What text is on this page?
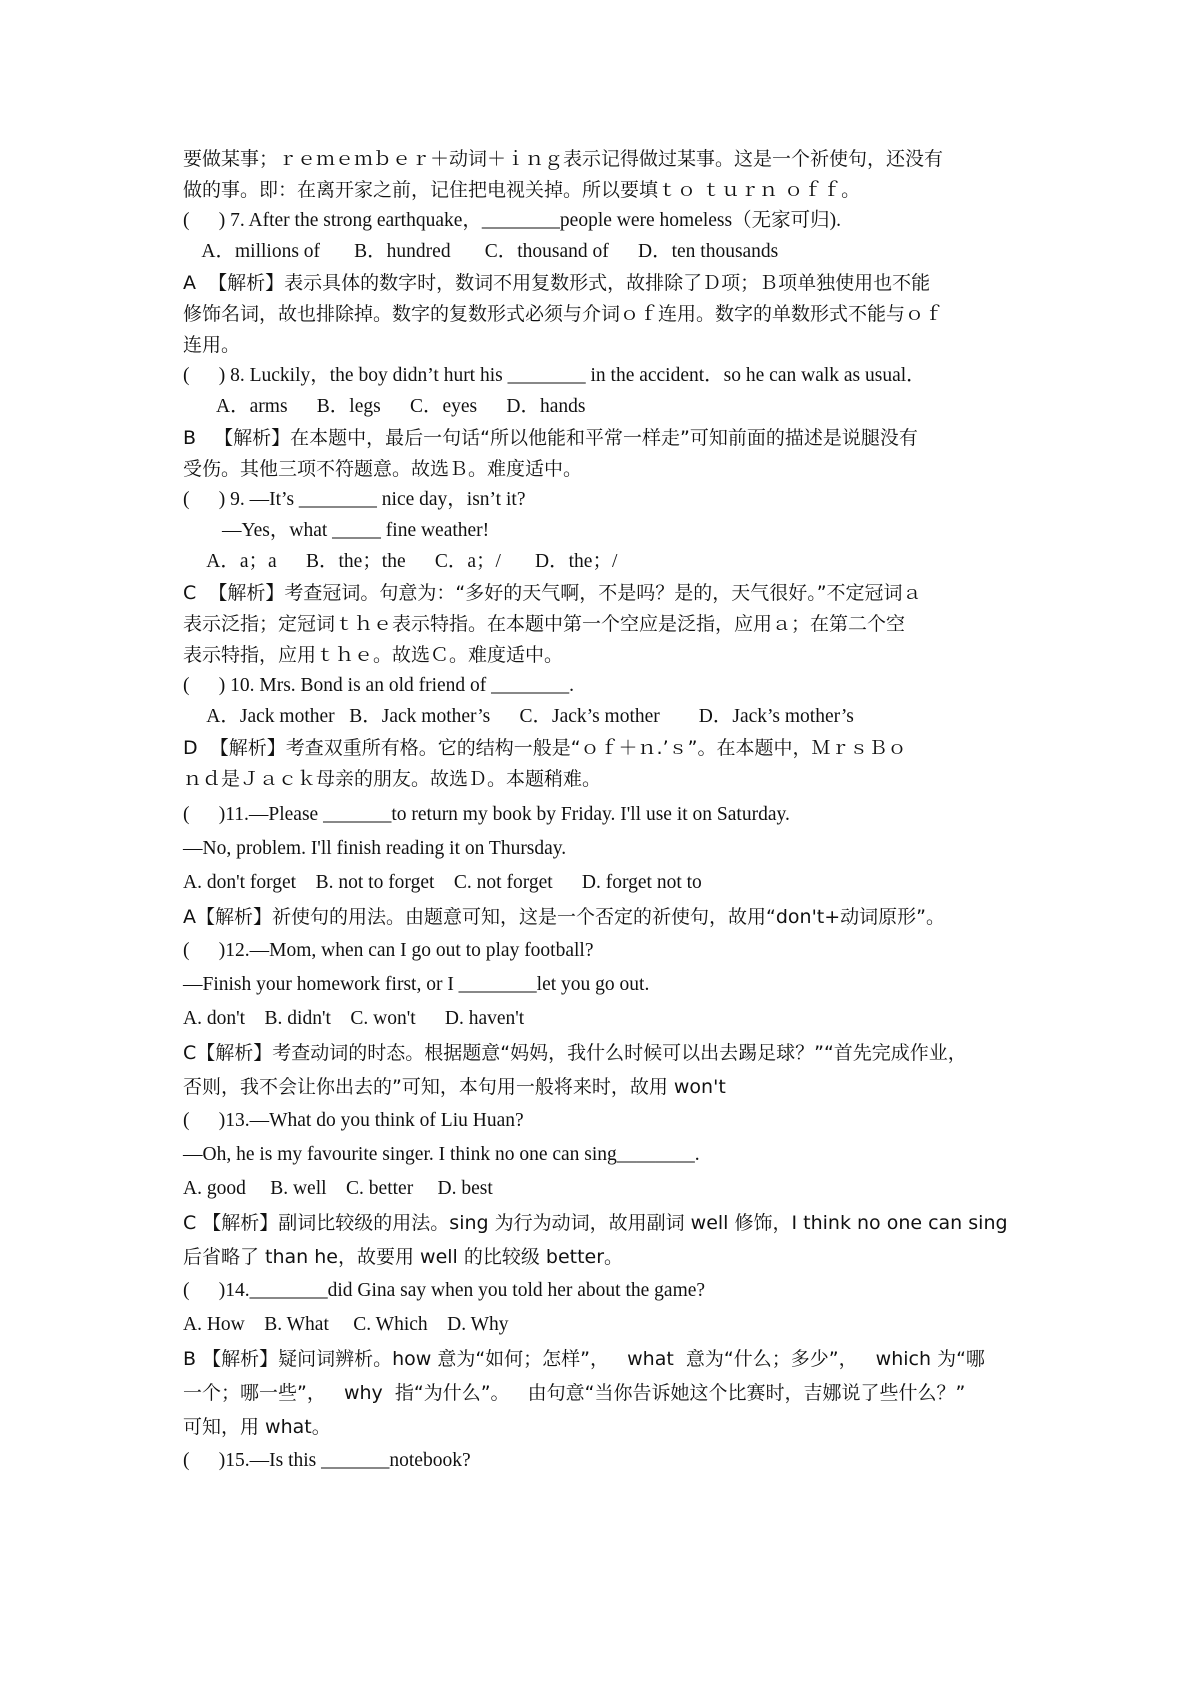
要做某事；ｒｅｍｅｍｂｅｒ＋动词＋ｉｎｇ表示记得做过某事。这是一个祈使句，还没有
做的事。即：在离开家之前，记住把电视关掉。所以要填ｔｏ ｔｕｒｎ ｏｆｆ。
(      ) 7. After the strong earthquake，________people were homeless（无家可归).
A．millions of       B．hundred       C．thousand of      D．ten thousands
A  【解析】表示具体的数字时，数词不用复数形式，故排除了Ｄ项；Ｂ项单独使用也不能
修饰名词，故也排除掉。数字的复数形式必须与介词ｏｆ连用。数字的单数形式不能与ｏｆ
连用。
(      ) 8. Luckily，the boy didn’t hurt his ________ in the accident．so he can walk as usual．
A．arms      B．legs      C．eyes      D．hands
B   【解析】在本题中，最后一句话“所以他能和平常一样走”可知前面的描述是说腿没有
受伤。其他三项不符题意。故选Ｂ。难度适中。
(      ) 9. —It’s ________ nice day，isn’t it?
—Yes，what _____ fine weather!
A．a；a      B．the；the      C．a；/       D．the；/
C  【解析】考查冠词。句意为：“多好的天气啊，不是吗？是的，天气很好。”不定冠词ａ
表示泛指；定冠词ｔｈｅ表示特指。在本题中第一个空应是泛指，应用ａ；在第二个空
表示特指，应用ｔｈｅ。故选Ｃ。难度适中。
(      ) 10. Mrs. Bond is an old friend of ________.
A．Jack mother   B．Jack mother’s      C．Jack’s mother        D．Jack’s mother’s
D  【解析】考查双重所有格。它的结构一般是“ｏｆ＋ｎ.’ｓ”。在本题中，ＭｒｓＢｏ
ｎｄ是Ｊａｃｋ母亲的朋友。故选Ｄ。本题稍难。
(      )11.—Please _______to return my book by Friday. I'll use it on Saturday.
—No, problem. I'll finish reading it on Thursday.
A. don't forget    B. not to forget    C. not forget      D. forget not to
A【解析】祈使句的用法。由题意可知，这是一个否定的祈使句，故用“don't+动词原形”。
(      )12.—Mom, when can I go out to play football?
—Finish your homework first, or I ________let you go out.
A. don't    B. didn't    C. won't      D. haven't
C【解析】考查动词的时态。根据题意“妈妈，我什么时候可以出去踢足球？”“首先完成作业，
否则，我不会让你出去的”可知，本句用一般将来时，故用 won't
(      )13.—What do you think of Liu Huan?
—Oh, he is my favourite singer. I think no one can sing________.
A. good     B. well    C. better     D. best
C 【解析】副词比较级的用法。sing 为行为动词，故用副词 well 修饰，I think no one can sing
后省略了 than he，故要用 well 的比较级 better。
(      )14.________did Gina say when you told her about the game?
A. How    B. What     C. Which    D. Why
B 【解析】疑问词辨析。how 意为“如何；怎样”，   what  意为“什么；多少”，   which 为“哪
一个；哪一些”，   why  指“为什么”。   由句意“当你告诉她这个比赛时，吉娜说了些什么？”
可知，用 what。
(      )15.—Is this _______notebook?
